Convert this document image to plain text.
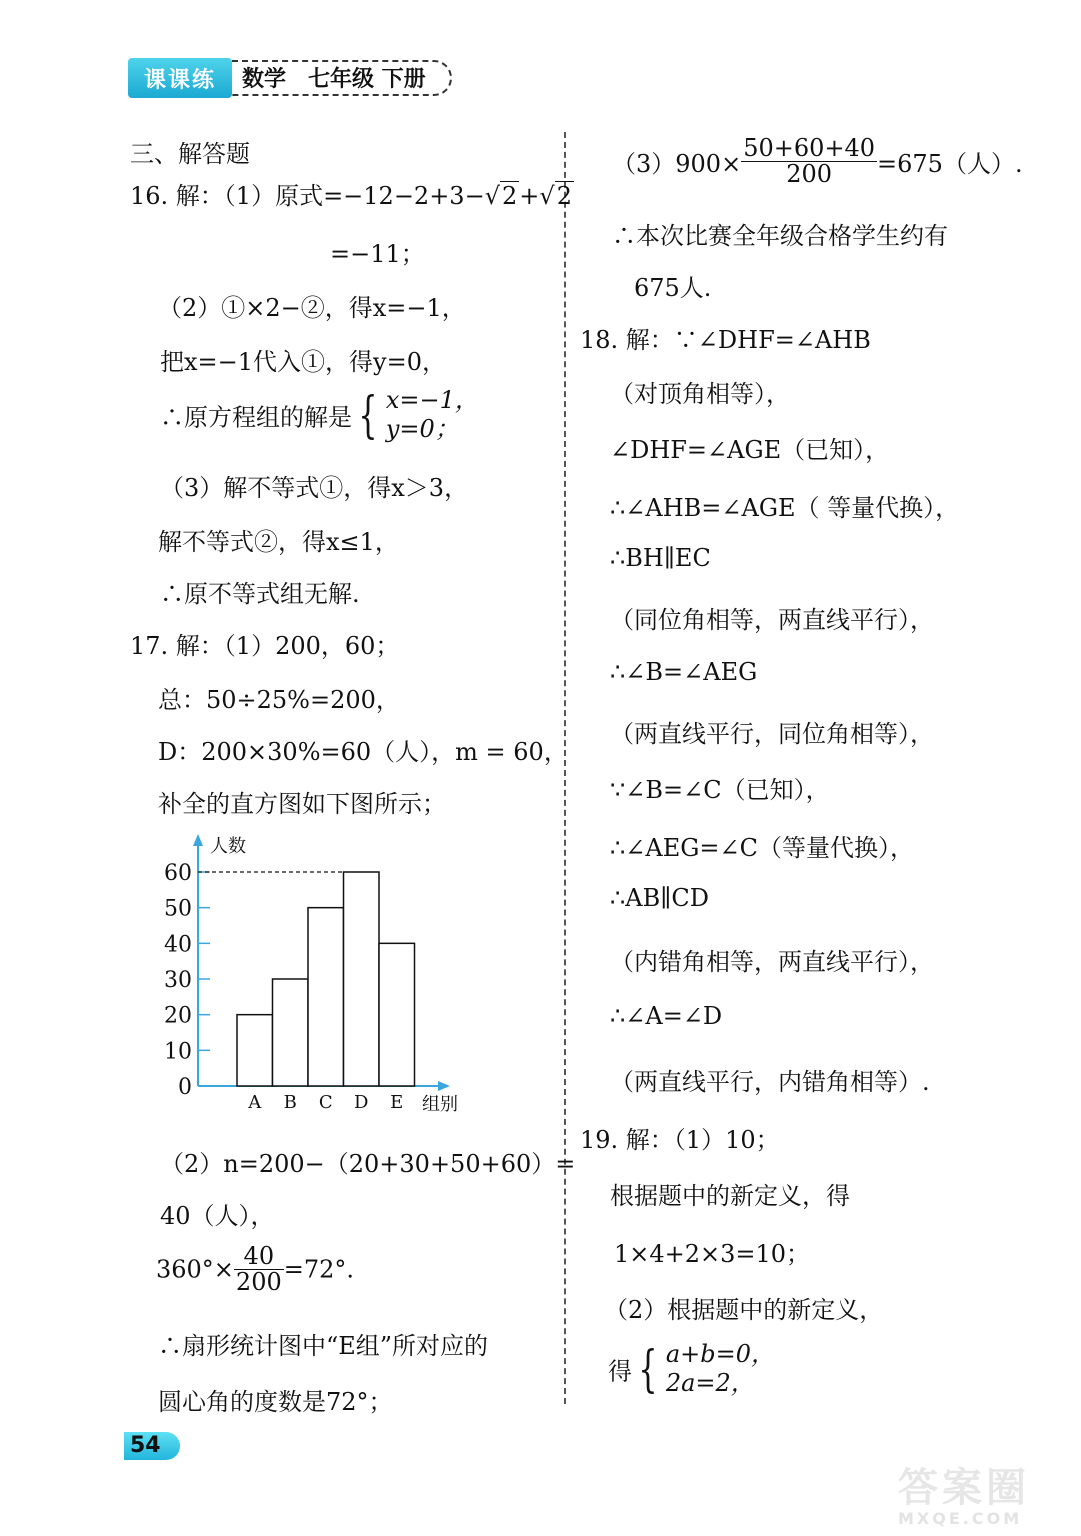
课课练	数学　七年级 下册
三、解答题
16. 解：（1）原式=−12−2+3−√2+√2
=−11；
（2）①×2−②，得x=−1，
把x=−1代入①，得y=0，
∴原方程组的解是 { x=−1，
y=0；
（3）解不等式①，得x＞3，
解不等式②，得x≤1，
∴原不等式组无解.
17. 解：（1）200，60；
总：50÷25%=200，
D：200×30%=60（人），m = 60，
补全的直方图如下图所示；
0
10
20
30
40
50
60
人数
组别
A B C D E
（2）n=200−（20+30+50+60）=
40（人），
$360^\circ\times \frac{40}{200} =72^\circ$.
∴扇形统计图中“E组”所对应的
圆心角的度数是72°；
$(3)900\times \frac{50+60+40}{200} =675$（人）.
∴本次比赛全年级合格学生约有
675人.
18. 解：∵∠DHF=∠AHB
（对顶角相等），
∠DHF=∠AGE（已知），
∴∠AHB=∠AGE（ 等量代换），
∴BH∥EC
（同位角相等，两直线平行），
∴∠B=∠AEG
（两直线平行，同位角相等），
∵∠B=∠C（已知），
∴∠AEG=∠C（等量代换），
∴AB∥CD
（内错角相等，两直线平行），
∴∠A=∠D
（两直线平行，内错角相等）.
19. 解：（1）10；
根据题中的新定义，得
1×4+2×3=10；
（2）根据题中的新定义，
得 { a+b=0，
2a=2，
54
答案圈
MXQE.COM
